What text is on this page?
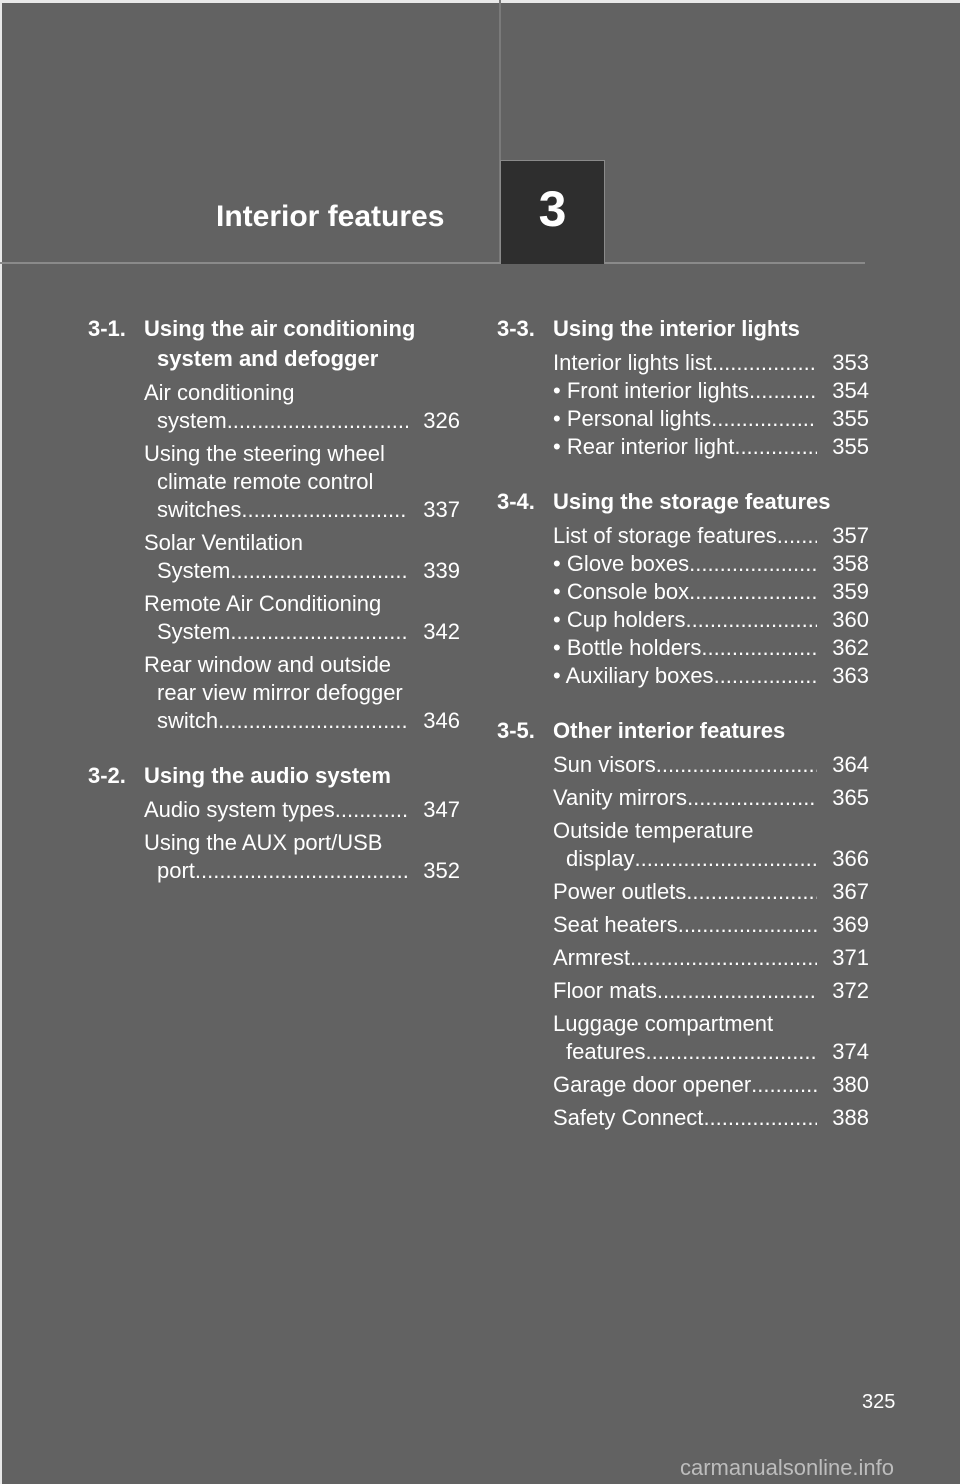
Interior features 3
3-1. Using the air conditioning
system and defogger
Air conditioning
system .....	326
Using the steering wheel
climate remote control
switches .....	337
Solar Ventilation
System .....	339
Remote Air Conditioning
System .....	342
Rear window and outside
rear view mirror defogger
switch .....	346
3-2. Using the audio system
Audio system types .....	347
Using the AUX port/USB
port .....	352
3-3. Using the interior lights
Interior lights list .....	353
• Front interior lights .....	354
• Personal lights .....	355
• Rear interior light .....	355
3-4. Using the storage features
List of storage features .....	357
• Glove boxes .....	358
• Console box .....	359
• Cup holders .....	360
• Bottle holders .....	362
• Auxiliary boxes .....	363
3-5. Other interior features
Sun visors .....	364
Vanity mirrors .....	365
Outside temperature
display .....	366
Power outlets .....	367
Seat heaters .....	369
Armrest .....	371
Floor mats .....	372
Luggage compartment
features .....	374
Garage door opener .....	380
Safety Connect .....	388
325
carmanualsonline.info
